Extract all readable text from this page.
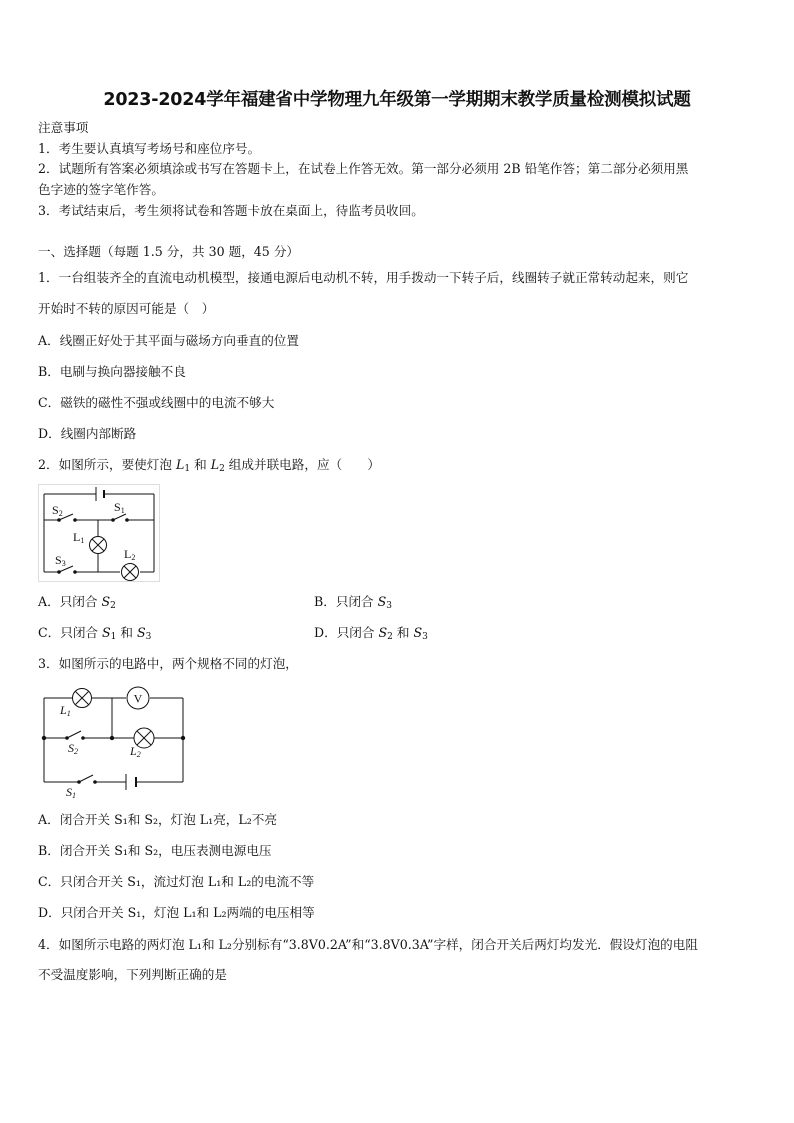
2023-2024学年福建省中学物理九年级第一学期期末教学质量检测模拟试题
注意事项
1．考生要认真填写考场号和座位序号。
2．试题所有答案必须填涂或书写在答题卡上，在试卷上作答无效。第一部分必须用 2B 铅笔作答；第二部分必须用黑
色字迹的签字笔作答。
3．考试结束后，考生须将试卷和答题卡放在桌面上，待监考员收回。
一、选择题（每题 1.5 分，共 30 题，45 分）
1．一台组装齐全的直流电动机模型，接通电源后电动机不转，用手拨动一下转子后，线圈转子就正常转动起来，则它
开始时不转的原因可能是（　）
A．线圈正好处于其平面与磁场方向垂直的位置
B．电刷与换向器接触不良
C．磁铁的磁性不强或线圈中的电流不够大
D．线圈内部断路
2．如图所示，要使灯泡 $L_1$ 和 $L_2$ 组成并联电路，应（　　）
S2	S1
S3
L1
L2
A．只闭合 $S_2$	B．只闭合 $S_3$
C．只闭合 $S_1$ 和 $S_3$	D．只闭合 $S_2$ 和 $S_3$
3．如图所示的电路中，两个规格不同的灯泡，
V
L1
S2	L2
S1
A．闭合开关 S₁和 S₂，灯泡 L₁亮，L₂不亮
B．闭合开关 S₁和 S₂，电压表测电源电压
C．只闭合开关 S₁，流过灯泡 L₁和 L₂的电流不等
D．只闭合开关 S₁，灯泡 L₁和 L₂两端的电压相等
4．如图所示电路的两灯泡 L₁和 L₂分别标有“3.8V0.2A”和“3.8V0.3A”字样，闭合开关后两灯均发光．假设灯泡的电阻
不受温度影响，下列判断正确的是
